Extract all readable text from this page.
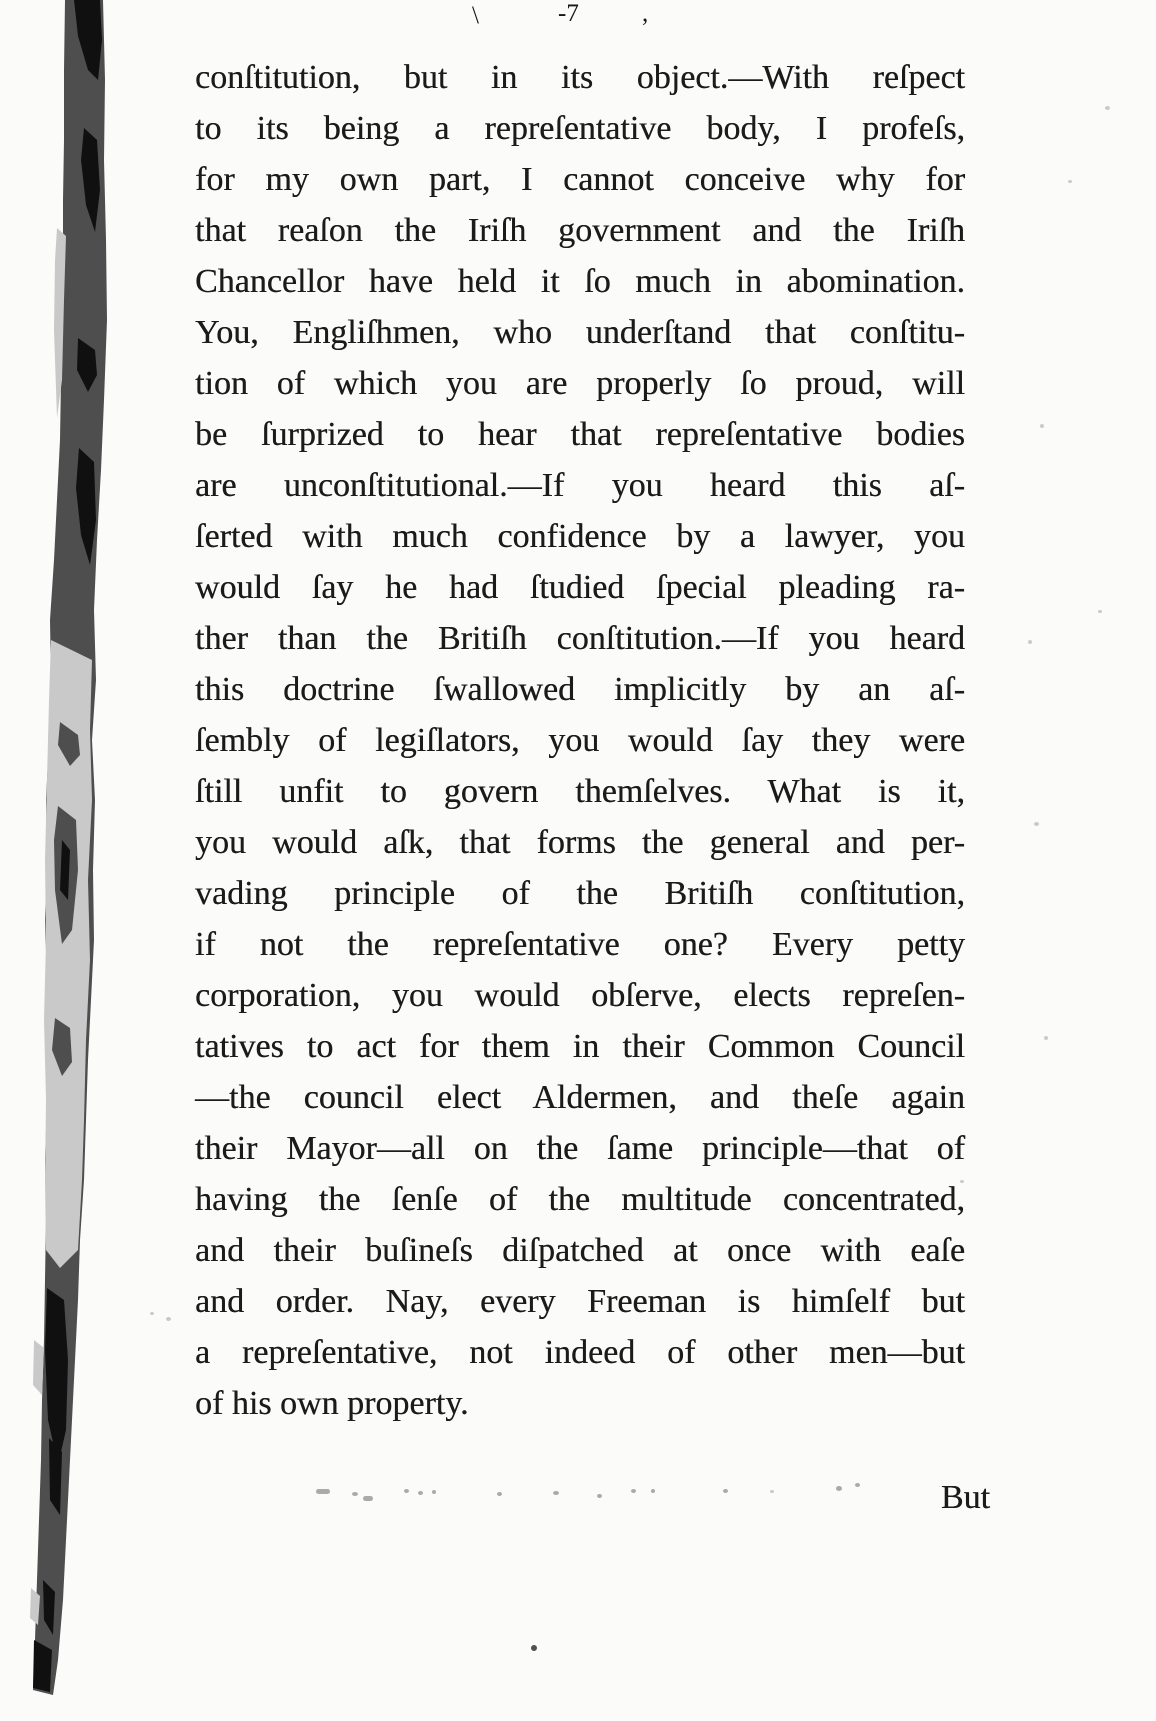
\	-7	,
conſtitution, but in its object.—With reſpect
to its being a repreſentative body, I profeſs,
for my own part, I cannot conceive why for
that reaſon the Iriſh government and the Iriſh
Chancellor have held it ſo much in abomination.
You, Engliſhmen, who underſtand that conſtitu-
tion of which you are properly ſo proud, will
be ſurprized to hear that repreſentative bodies
are unconſtitutional.—If you heard this aſ-
ſerted with much confidence by a lawyer, you
would ſay he had ſtudied ſpecial pleading ra-
ther than the Britiſh conſtitution.—If you heard
this doctrine ſwallowed implicitly by an aſ-
ſembly of legiſlators, you would ſay they were
ſtill unfit to govern themſelves. What is it,
you would aſk, that forms the general and per-
vading principle of the Britiſh conſtitution,
if not the repreſentative one? Every petty
corporation, you would obſerve, elects repreſen-
tatives to act for them in their Common Council
—the council elect Aldermen, and theſe again
their Mayor—all on the ſame principle—that of
having the ſenſe of the multitude concentrated,
and their buſineſs diſpatched at once with eaſe
and order. Nay, every Freeman is himſelf but
a repreſentative, not indeed of other men—but
of his own property.
But
